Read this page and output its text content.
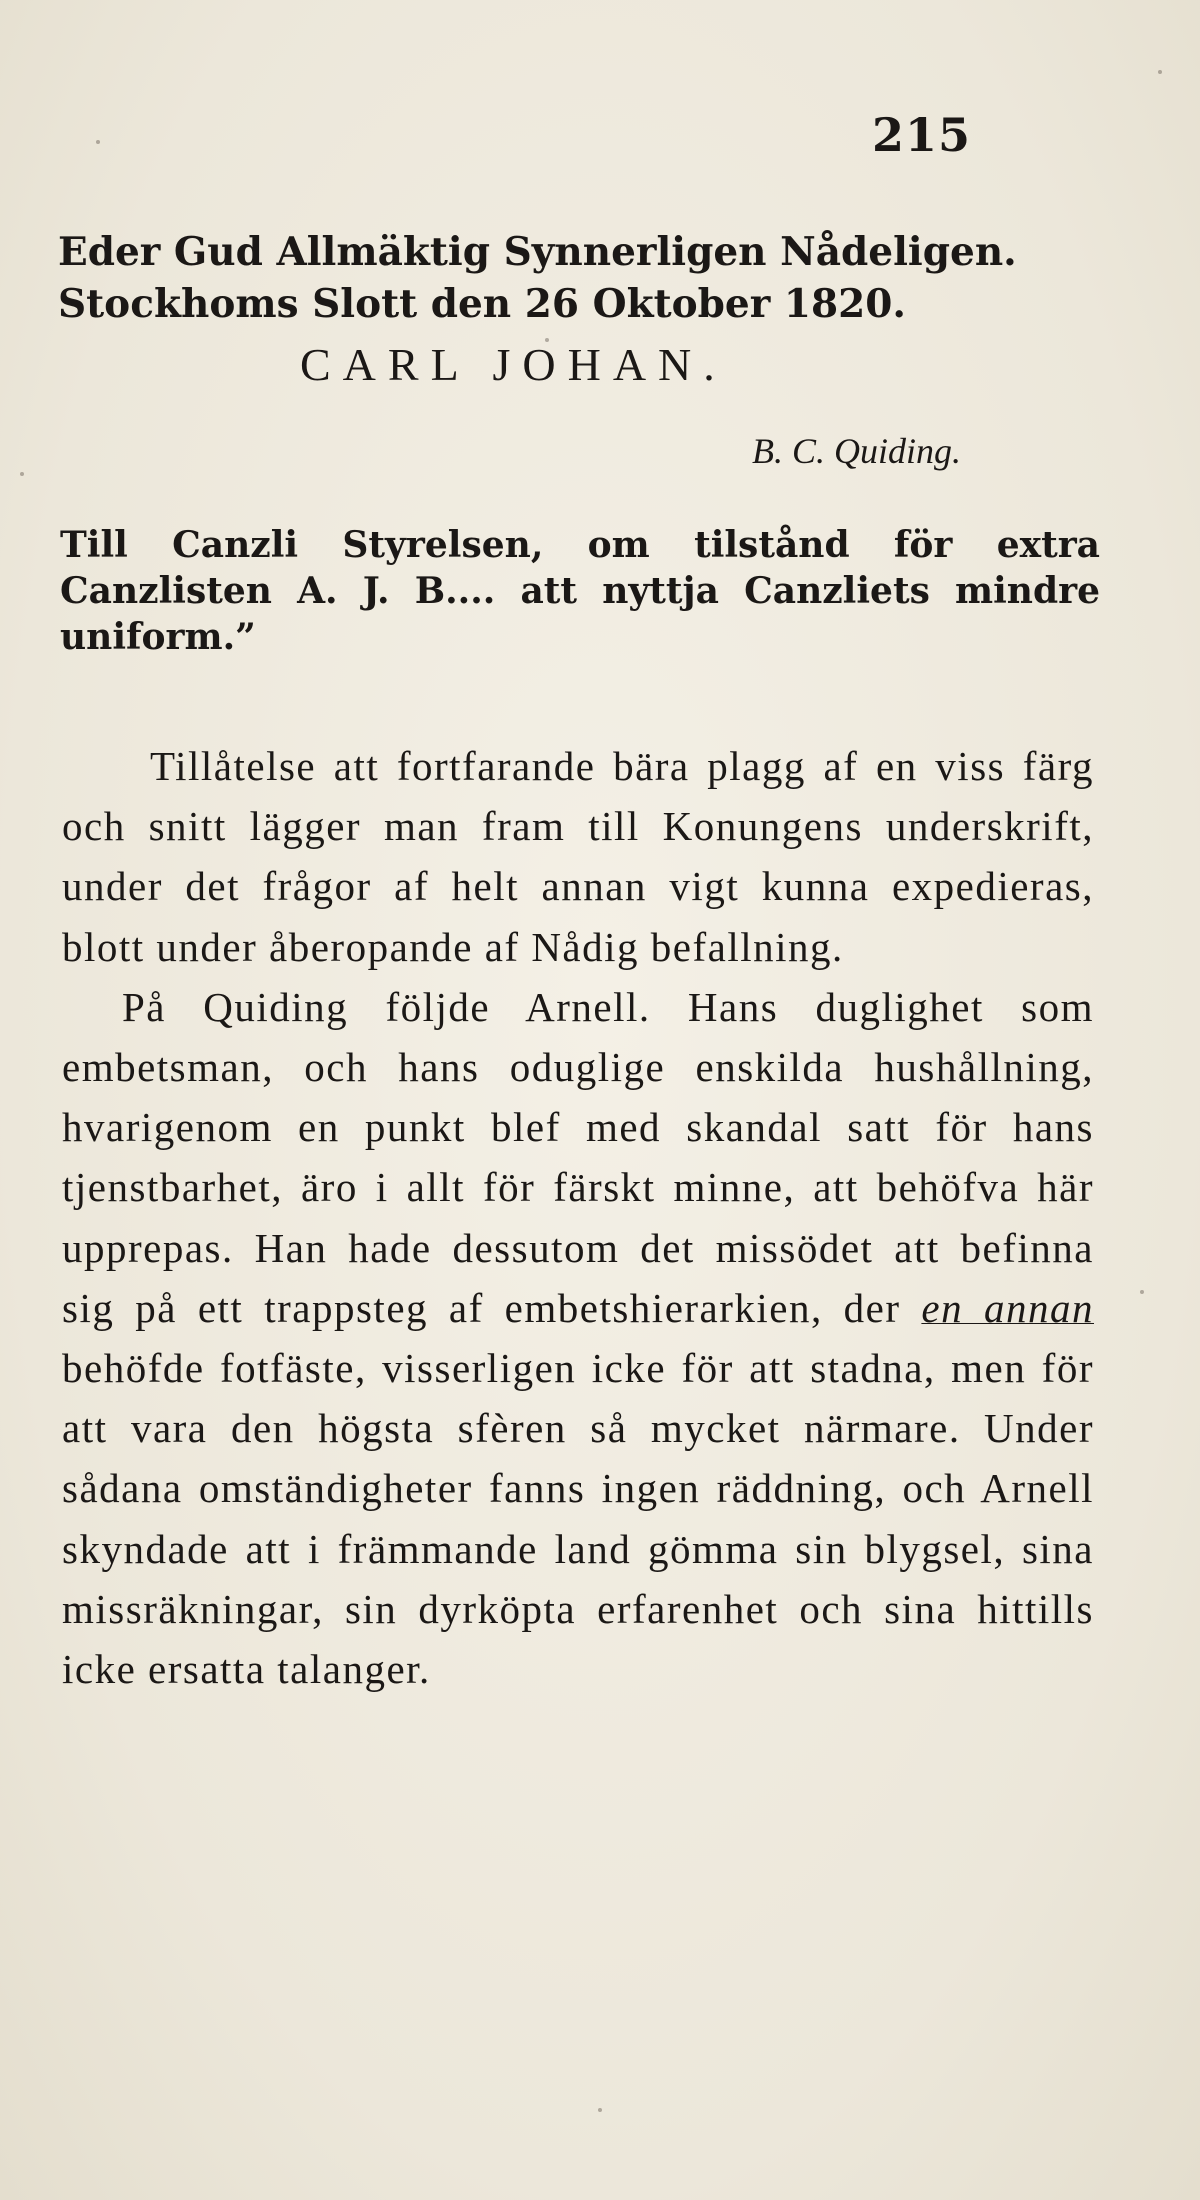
215
Eder Gud Allmäktig Synnerligen Nådeligen.
Stockhoms Slott den 26 Oktober 1820.
CARL JOHAN.
B. C. Quiding.
Till Canzli Styrelsen, om tilstånd för extra Canzlisten A. J. B.... att nyttja Canzliets mindre uniform.”

Tillåtelse att fortfarande bära plagg af en viss färg och snitt lägger man fram till Konungens underskrift, under det frågor af helt annan vigt kunna expedieras, blott under åberopande af Nådig befallning.

På Quiding följde Arnell. Hans duglighet som embetsman, och hans oduglige enskilda hushållning, hvarigenom en punkt blef med skandal satt för hans tjenstbarhet, äro i allt för färskt minne, att behöfva här upprepas. Han hade dessutom det missödet att befinna sig på ett trappsteg af embetshierarkien, der en annan behöfde fotfäste, visserligen icke för att stadna, men för att vara den högsta sfèren så mycket närmare. Under sådana omständigheter fanns ingen räddning, och Arnell skyndade att i främmande land gömma sin blygsel, sina missräkningar, sin dyrköpta erfarenhet och sina hittills icke ersatta talanger.
